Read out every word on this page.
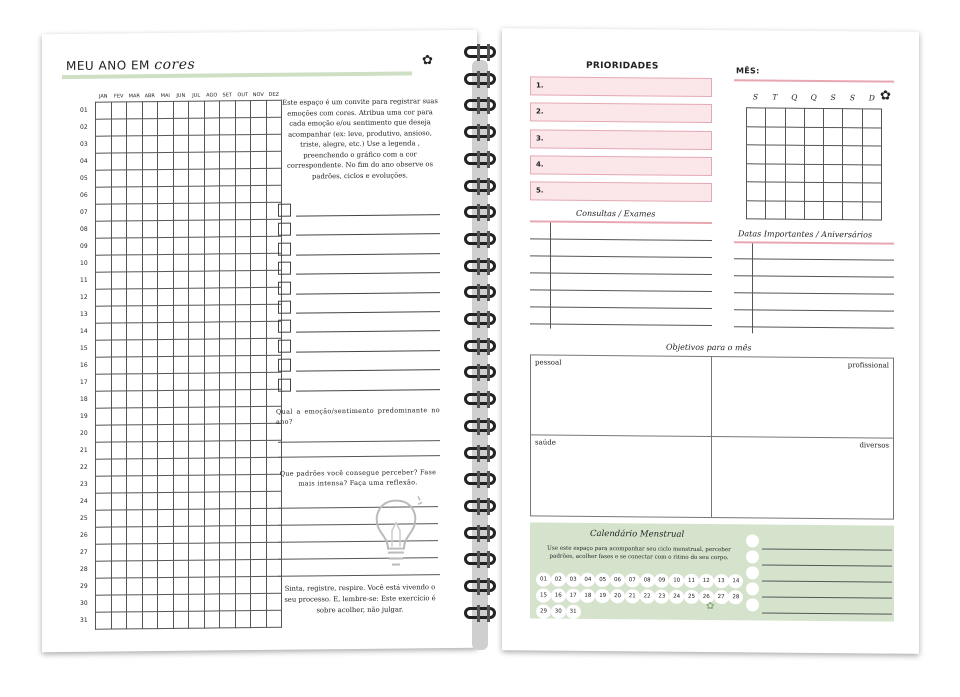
MEU ANO EM cores	✿
	JAN	FEV	MAR	ABR	MAI	JUN	JUL	AGO	SET	OUT	NOV	DEZ
01												
02												
03												
04												
05												
06												
07												
08												
09												
10												
11												
12												
13												
14												
15												
16												
17												
18												
19												
20												
21												
22												
23												
24												
25												
26												
27												
28												
29												
30												
31												
Este espaço é um convite para registrar suas emoções com cores. Atribua uma cor para cada emoção e/ou sentimento que deseja acompanhar (ex: leve, produtivo, ansioso, triste, alegre, etc.) Use a legenda , preenchendo o gráfico com a cor correspondente. No fim do ano observe os padrões, ciclos e evoluções.
Qual a emoção/sentimento predominante no ano?
Que padrões você consegue perceber? Fase mais intensa? Faça uma reflexão.
Sinta, registre, respire. Você está vivendo o seu processo. E, lembre-se: Este exercício é sobre acolher, não julgar.
PRIORIDADES
1.
2.
3.
4.
5.
MÊS:
S	T	Q	Q	S	S	D ✿

Consultas / Exames
Datas Importantes / Aniversários
Objetivos para o mês
pessoal	profissional
saúde	diversos
Calendário Menstrual
Use este espaço para acompanhar seu ciclo menstrual, perceber padrões, acolher fases e se conectar com o ritmo do seu corpo.
01	02	03	04	05	06	07	08	09	10	11	12	13	14
15	16	17	18	19	20	21	22	23	24	25	26	27	28
29	30	31	✿
